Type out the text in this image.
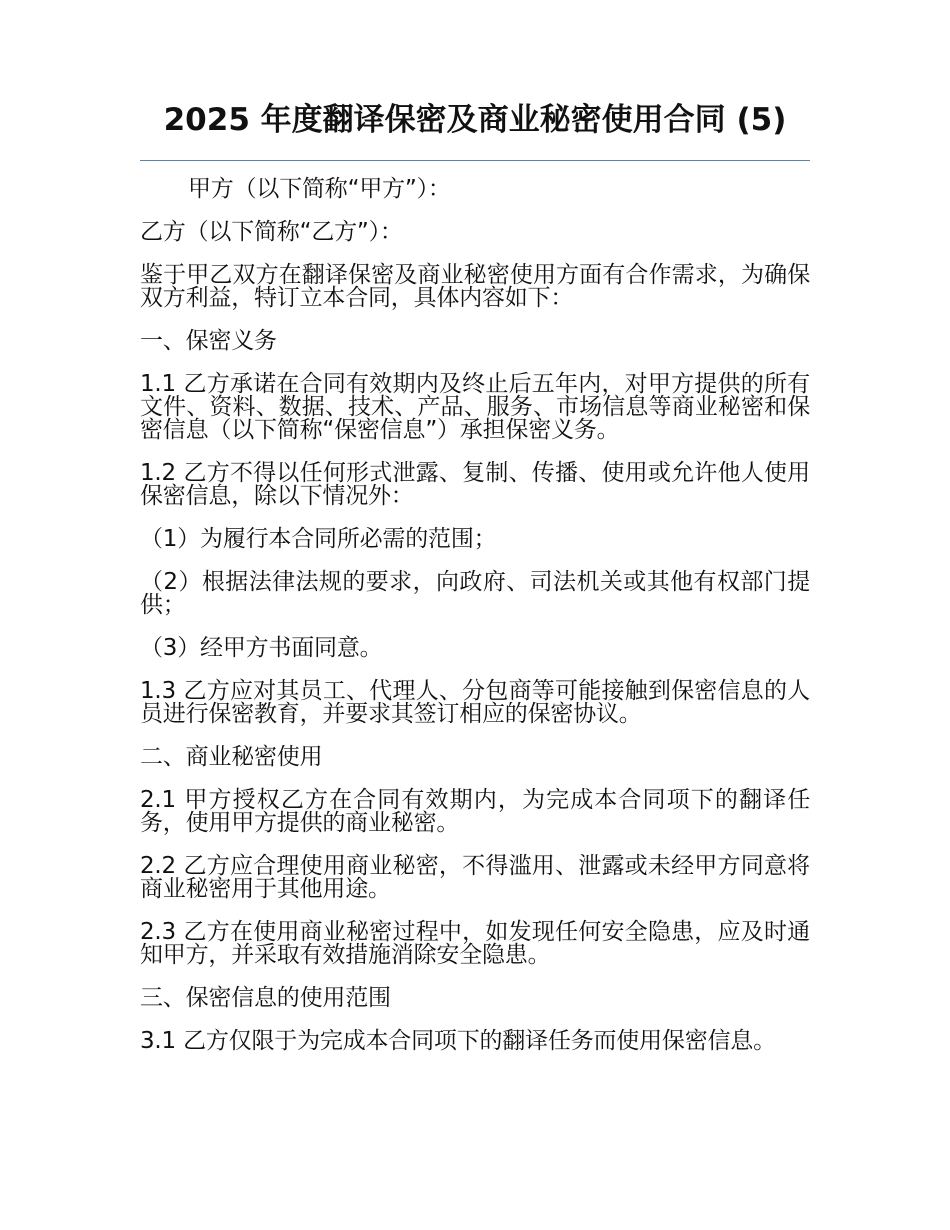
2025 年度翻译保密及商业秘密使用合同 (5)

甲方（以下简称“甲方”）：

乙方（以下简称“乙方”）：

鉴于甲乙双方在翻译保密及商业秘密使用方面有合作需求，为确保双方利益，特订立本合同，具体内容如下：

一、保密义务

1.1 乙方承诺在合同有效期内及终止后五年内，对甲方提供的所有文件、资料、数据、技术、产品、服务、市场信息等商业秘密和保密信息（以下简称“保密信息”）承担保密义务。

1.2 乙方不得以任何形式泄露、复制、传播、使用或允许他人使用保密信息，除以下情况外：

（1）为履行本合同所必需的范围；

（2）根据法律法规的要求，向政府、司法机关或其他有权部门提供；

（3）经甲方书面同意。

1.3 乙方应对其员工、代理人、分包商等可能接触到保密信息的人员进行保密教育，并要求其签订相应的保密协议。

二、商业秘密使用

2.1 甲方授权乙方在合同有效期内，为完成本合同项下的翻译任务，使用甲方提供的商业秘密。

2.2 乙方应合理使用商业秘密，不得滥用、泄露或未经甲方同意将商业秘密用于其他用途。

2.3 乙方在使用商业秘密过程中，如发现任何安全隐患，应及时通知甲方，并采取有效措施消除安全隐患。

三、保密信息的使用范围

3.1 乙方仅限于为完成本合同项下的翻译任务而使用保密信息。
